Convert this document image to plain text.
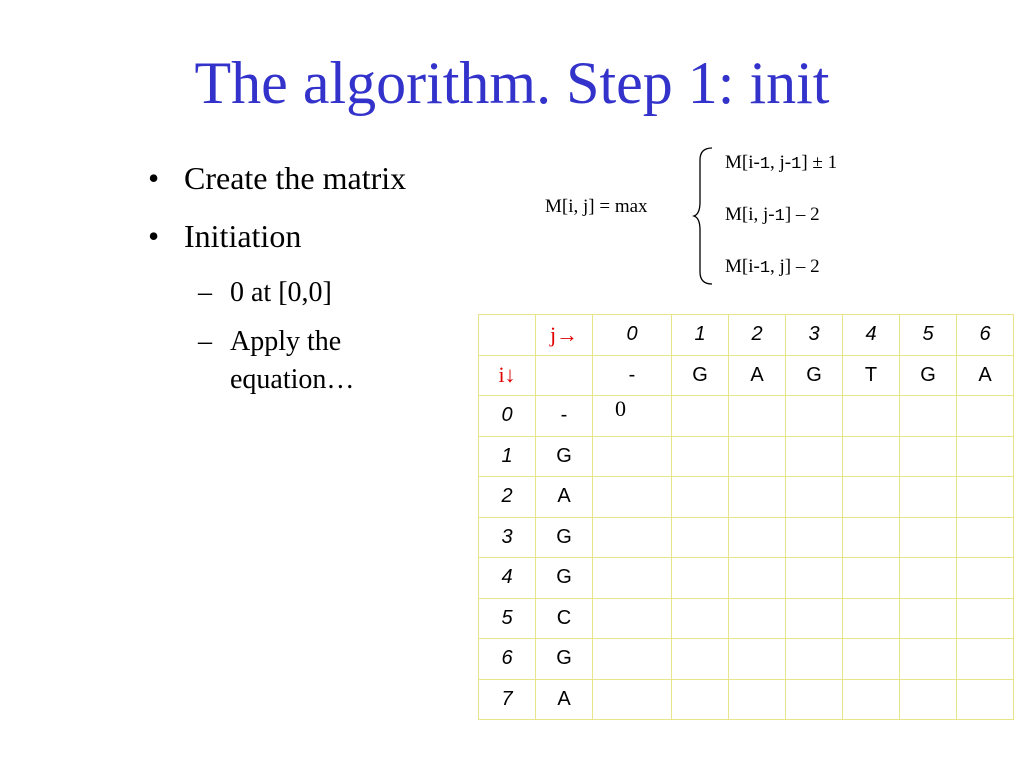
The algorithm. Step 1: init
• Create the matrix
• Initiation
– 0 at [0,0]
– Apply the
equation…
M[i, j] = max
M[i-1, j-1] ± 1
M[i, j-1] – 2
M[i-1, j] – 2
	j→	0	1	2	3	4	5	6
i↓		-	G	A	G	T	G	A
0	-	0						
1	G							
2	A							
3	G							
4	G							
5	C							
6	G							
7	A							
